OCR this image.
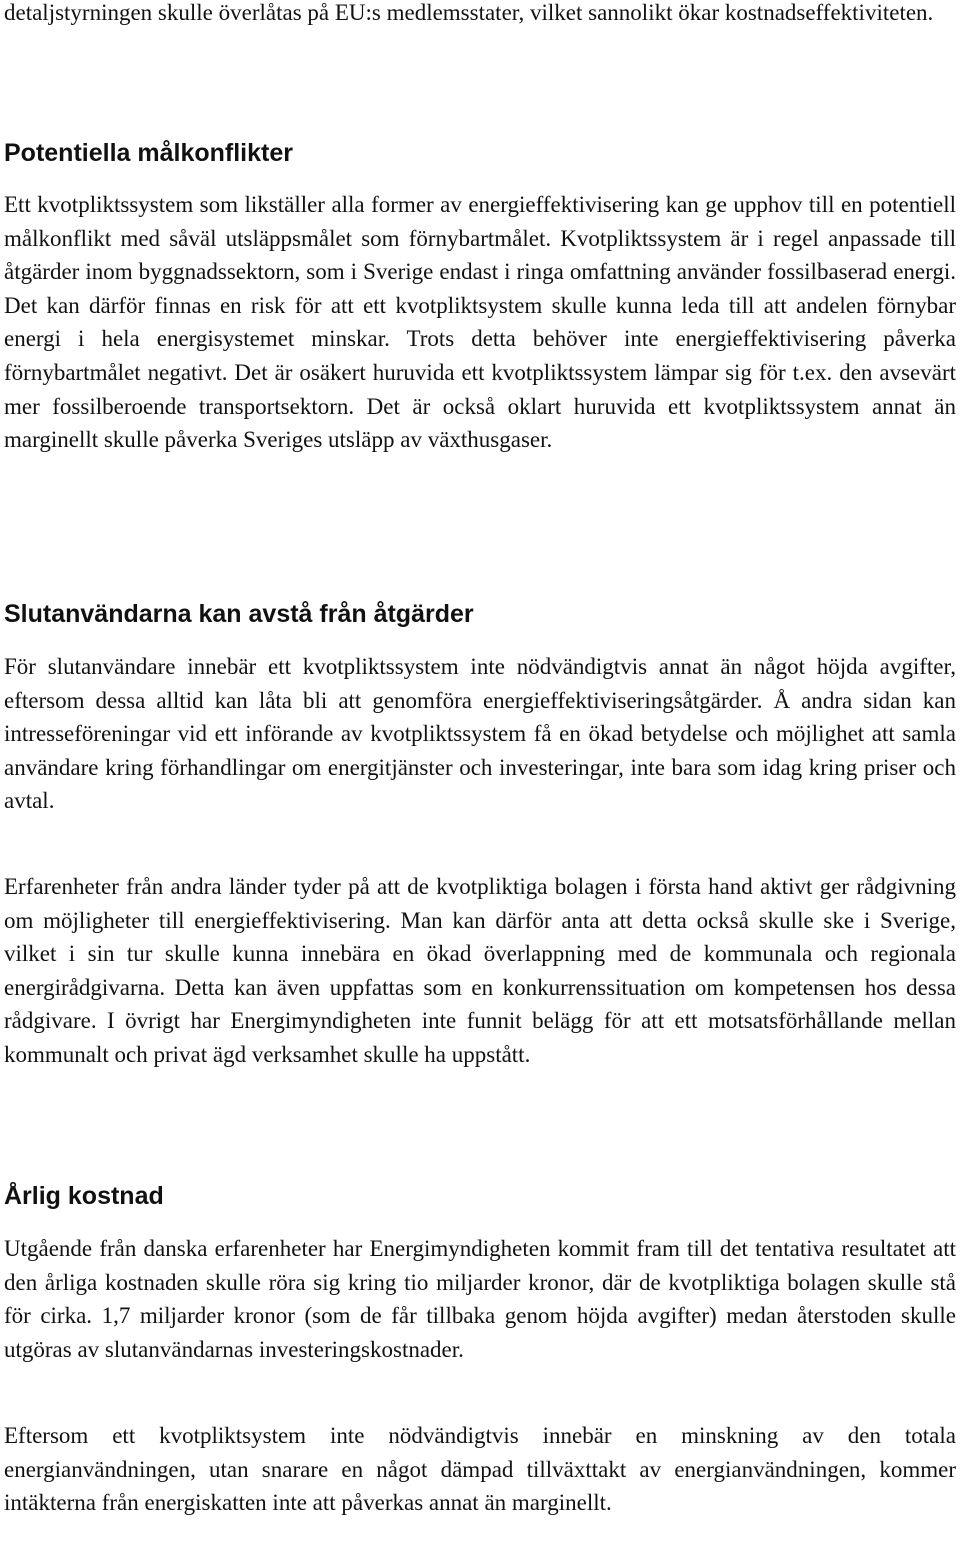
detaljstyrningen skulle överlåtas på EU:s medlemsstater, vilket sannolikt ökar kostnadseffektiviteten.

Potentiella målkonflikter

Ett kvotpliktssystem som likställer alla former av energieffektivisering kan ge upphov till en potentiell målkonflikt med såväl utsläppsmålet som förnybartmålet. Kvotpliktssystem är i regel anpassade till åtgärder inom byggnadssektorn, som i Sverige endast i ringa omfattning använder fossilbaserad energi. Det kan därför finnas en risk för att ett kvotpliktsystem skulle kunna leda till att andelen förnybar energi i hela energisystemet minskar. Trots detta behöver inte energieffektivisering påverka förnybartmålet negativt. Det är osäkert huruvida ett kvotpliktssystem lämpar sig för t.ex. den avsevärt mer fossilberoende transportsektorn. Det är också oklart huruvida ett kvotpliktssystem annat än marginellt skulle påverka Sveriges utsläpp av växthusgaser.

Slutanvändarna kan avstå från åtgärder

För slutanvändare innebär ett kvotpliktssystem inte nödvändigtvis annat än något höjda avgifter, eftersom dessa alltid kan låta bli att genomföra energieffektiviseringsåtgärder. Å andra sidan kan intresseföreningar vid ett införande av kvotpliktssystem få en ökad betydelse och möjlighet att samla användare kring förhandlingar om energitjänster och investeringar, inte bara som idag kring priser och avtal.

Erfarenheter från andra länder tyder på att de kvotpliktiga bolagen i första hand aktivt ger rådgivning om möjligheter till energieffektivisering. Man kan därför anta att detta också skulle ske i Sverige, vilket i sin tur skulle kunna innebära en ökad överlappning med de kommunala och regionala energirådgivarna. Detta kan även uppfattas som en konkurrenssituation om kompetensen hos dessa rådgivare. I övrigt har Energimyndigheten inte funnit belägg för att ett motsatsförhållande mellan kommunalt och privat ägd verksamhet skulle ha uppstått.

Årlig kostnad

Utgående från danska erfarenheter har Energimyndigheten kommit fram till det tentativa resultatet att den årliga kostnaden skulle röra sig kring tio miljarder kronor, där de kvotpliktiga bolagen skulle stå för cirka. 1,7 miljarder kronor (som de får tillbaka genom höjda avgifter) medan återstoden skulle utgöras av slutanvändarnas investeringskostnader.

Eftersom ett kvotpliktsystem inte nödvändigtvis innebär en minskning av den totala energianvändningen, utan snarare en något dämpad tillväxttakt av energianvändningen, kommer intäkterna från energiskatten inte att påverkas annat än marginellt.
